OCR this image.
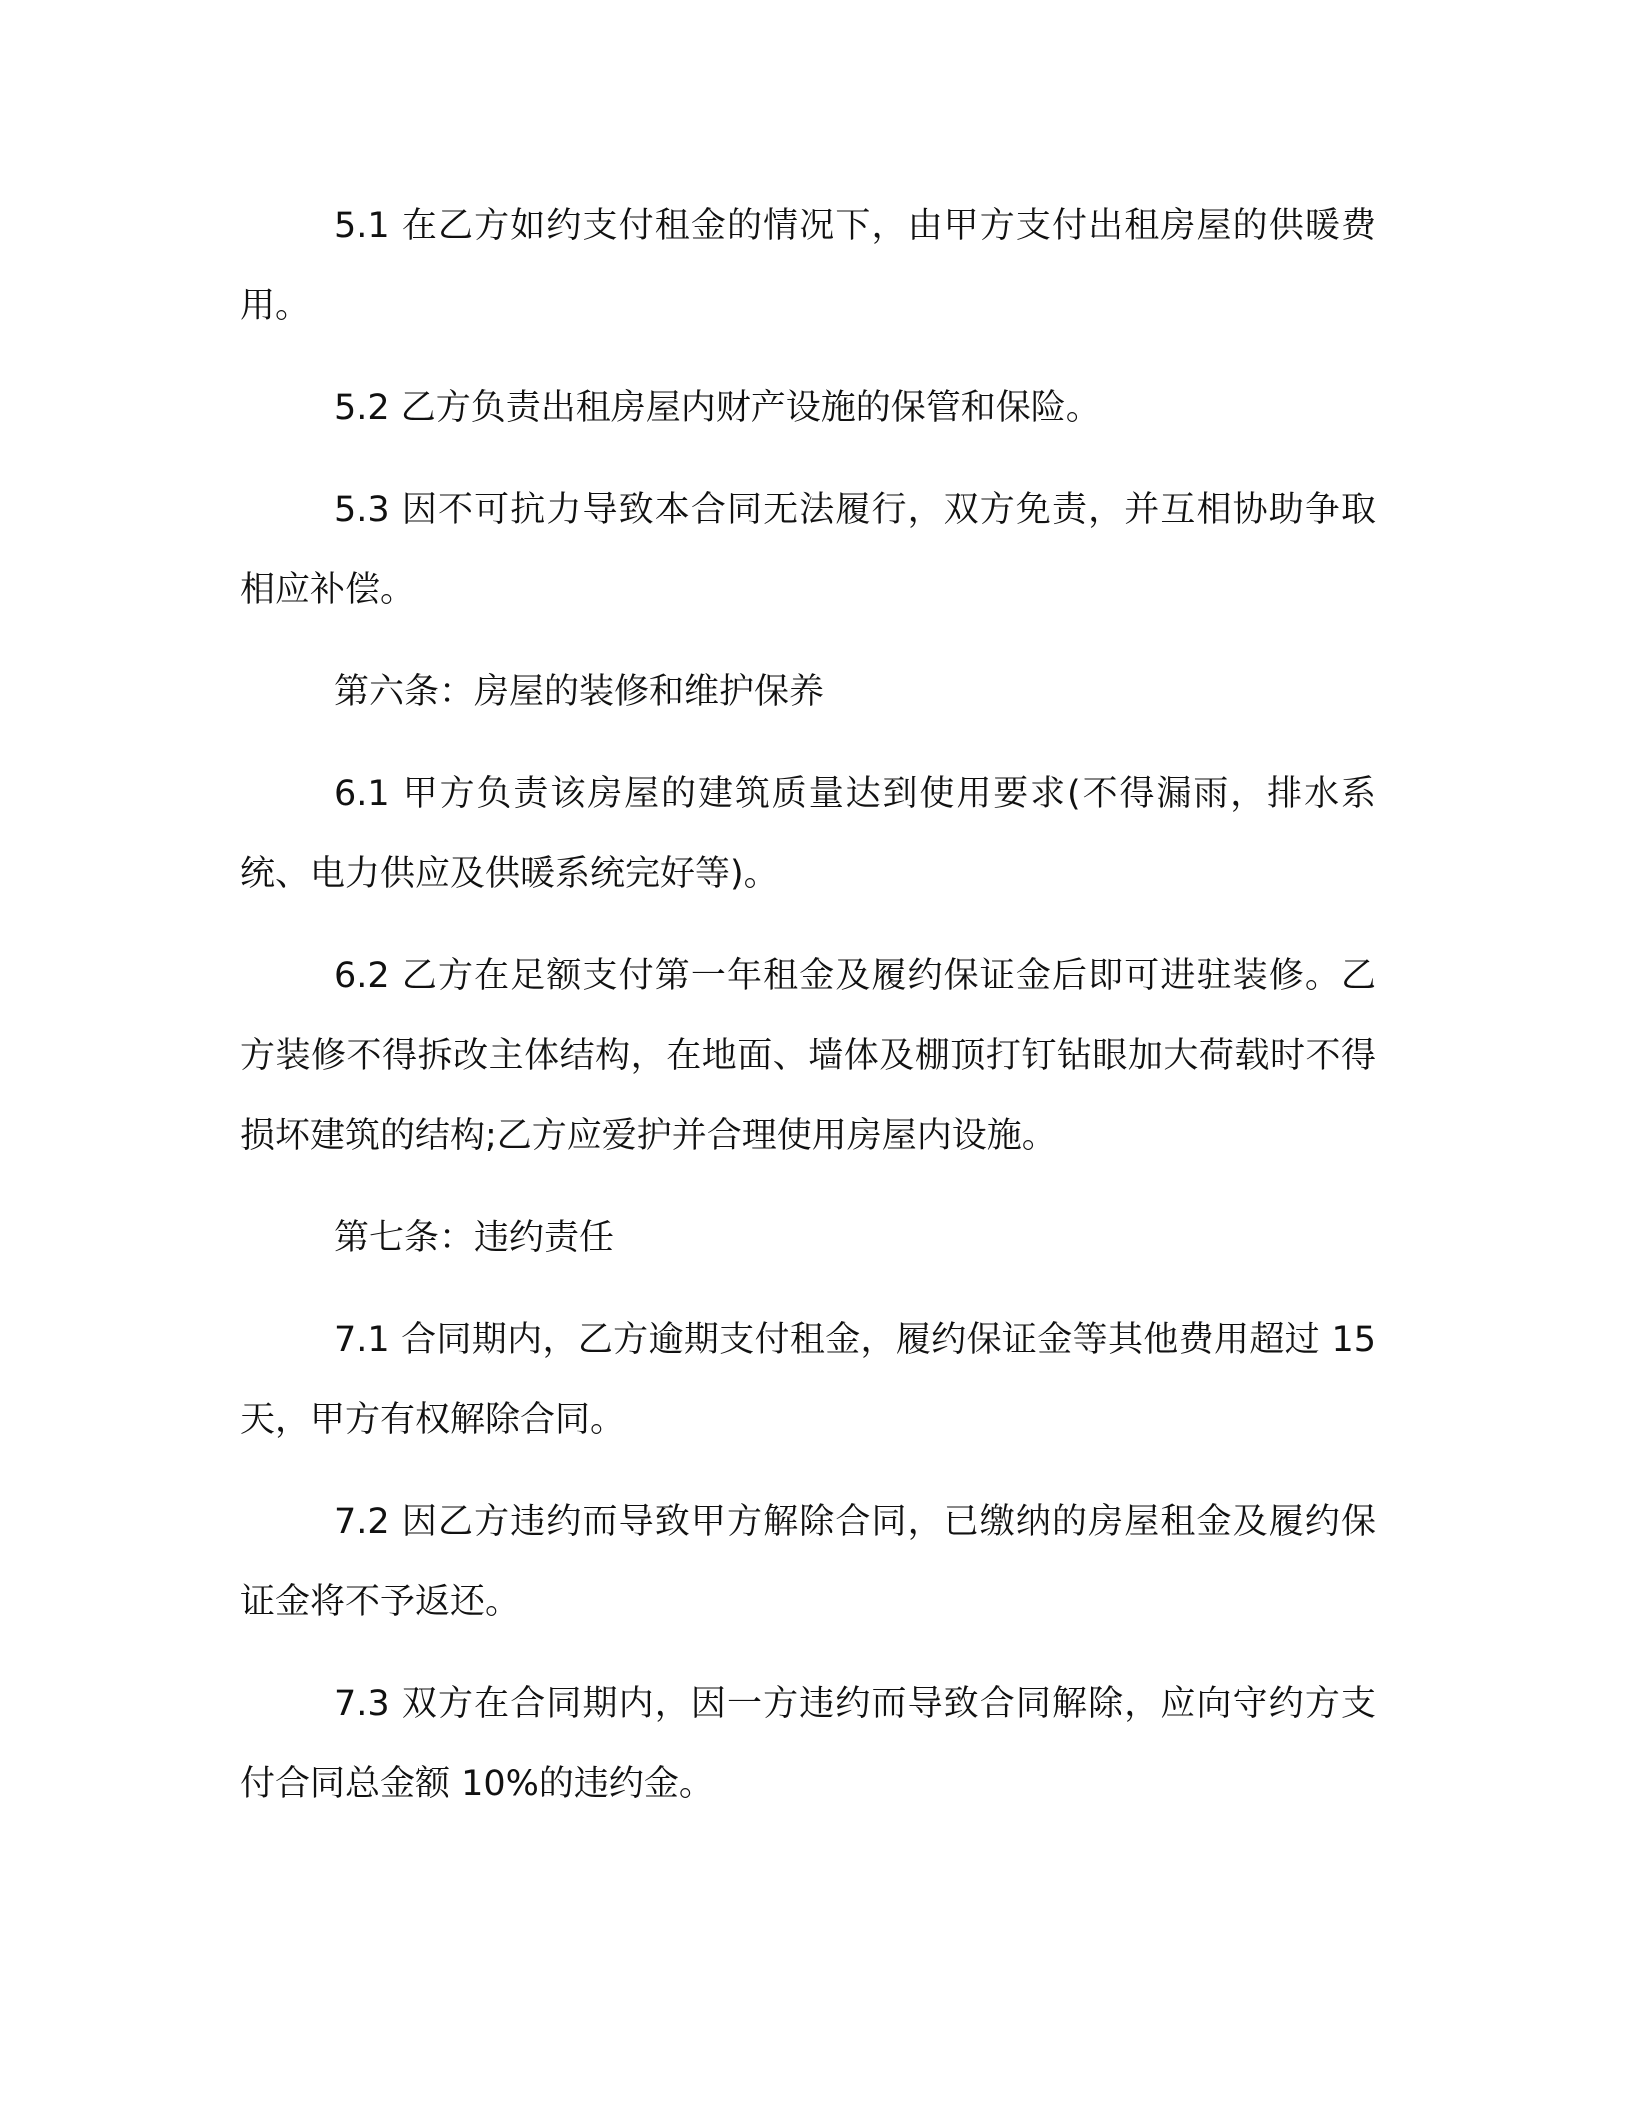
5.1 在乙方如约支付租金的情况下，由甲方支付出租房屋的供暖费用。

5.2 乙方负责出租房屋内财产设施的保管和保险。

5.3 因不可抗力导致本合同无法履行，双方免责，并互相协助争取相应补偿。

第六条：房屋的装修和维护保养

6.1 甲方负责该房屋的建筑质量达到使用要求(不得漏雨，排水系统、电力供应及供暖系统完好等)。

6.2 乙方在足额支付第一年租金及履约保证金后即可进驻装修。乙方装修不得拆改主体结构，在地面、墙体及棚顶打钉钻眼加大荷载时不得损坏建筑的结构;乙方应爱护并合理使用房屋内设施。

第七条：违约责任

7.1 合同期内，乙方逾期支付租金，履约保证金等其他费用超过 15 天，甲方有权解除合同。

7.2 因乙方违约而导致甲方解除合同，已缴纳的房屋租金及履约保证金将不予返还。

7.3 双方在合同期内，因一方违约而导致合同解除，应向守约方支付合同总金额 10%的违约金。
